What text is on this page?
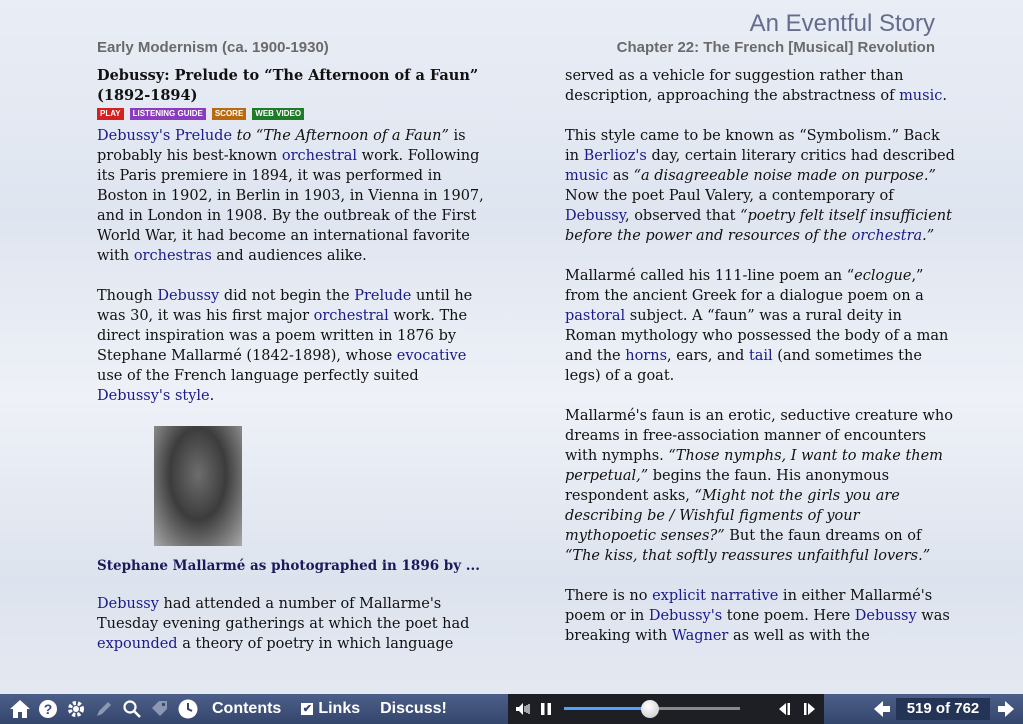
An Eventful Story
Early Modernism (ca. 1900-1930)	Chapter 22: The French [Musical] Revolution
Debussy: Prelude to “The Afternoon of a Faun” (1892-1894)
PLAY	LISTENING GUIDE	SCORE	WEB VIDEO

Debussy's Prelude to “The Afternoon of a Faun” is probably his best-known orchestral work. Following its Paris premiere in 1894, it was performed in Boston in 1902, in Berlin in 1903, in Vienna in 1907, and in London in 1908. By the outbreak of the First World War, it had become an international favorite with orchestras and audiences alike.

Though Debussy did not begin the Prelude until he was 30, it was his first major orchestral work. The direct inspiration was a poem written in 1876 by Stephane Mallarmé (1842-1898), whose evocative use of the French language perfectly suited Debussy's style.

Stephane Mallarmé as photographed in 1896 by ...

Debussy had attended a number of Mallarme's Tuesday evening gatherings at which the poet had expounded a theory of poetry in which language

served as a vehicle for suggestion rather than description, approaching the abstractness of music.

This style came to be known as “Symbolism.” Back in Berlioz's day, certain literary critics had described music as “a disagreeable noise made on purpose.” Now the poet Paul Valery, a contemporary of Debussy, observed that “poetry felt itself insufficient before the power and resources of the orchestra.”

Mallarmé called his 111-line poem an “eclogue,” from the ancient Greek for a dialogue poem on a pastoral subject. A “faun” was a rural deity in Roman mythology who possessed the body of a man and the horns, ears, and tail (and sometimes the legs) of a goat.

Mallarmé's faun is an erotic, seductive creature who dreams in free-association manner of encounters with nymphs. “Those nymphs, I want to make them perpetual,” begins the faun. His anonymous respondent asks, “Might not the girls you are describing be / Wishful figments of your mythopoetic senses?” But the faun dreams on of “The kiss, that softly reassures unfaithful lovers.”

There is no explicit narrative in either Mallarmé's poem or in Debussy's tone poem. Here Debussy was breaking with Wagner as well as with the

?	Contents ✔ Links Discuss!	519 of 762
